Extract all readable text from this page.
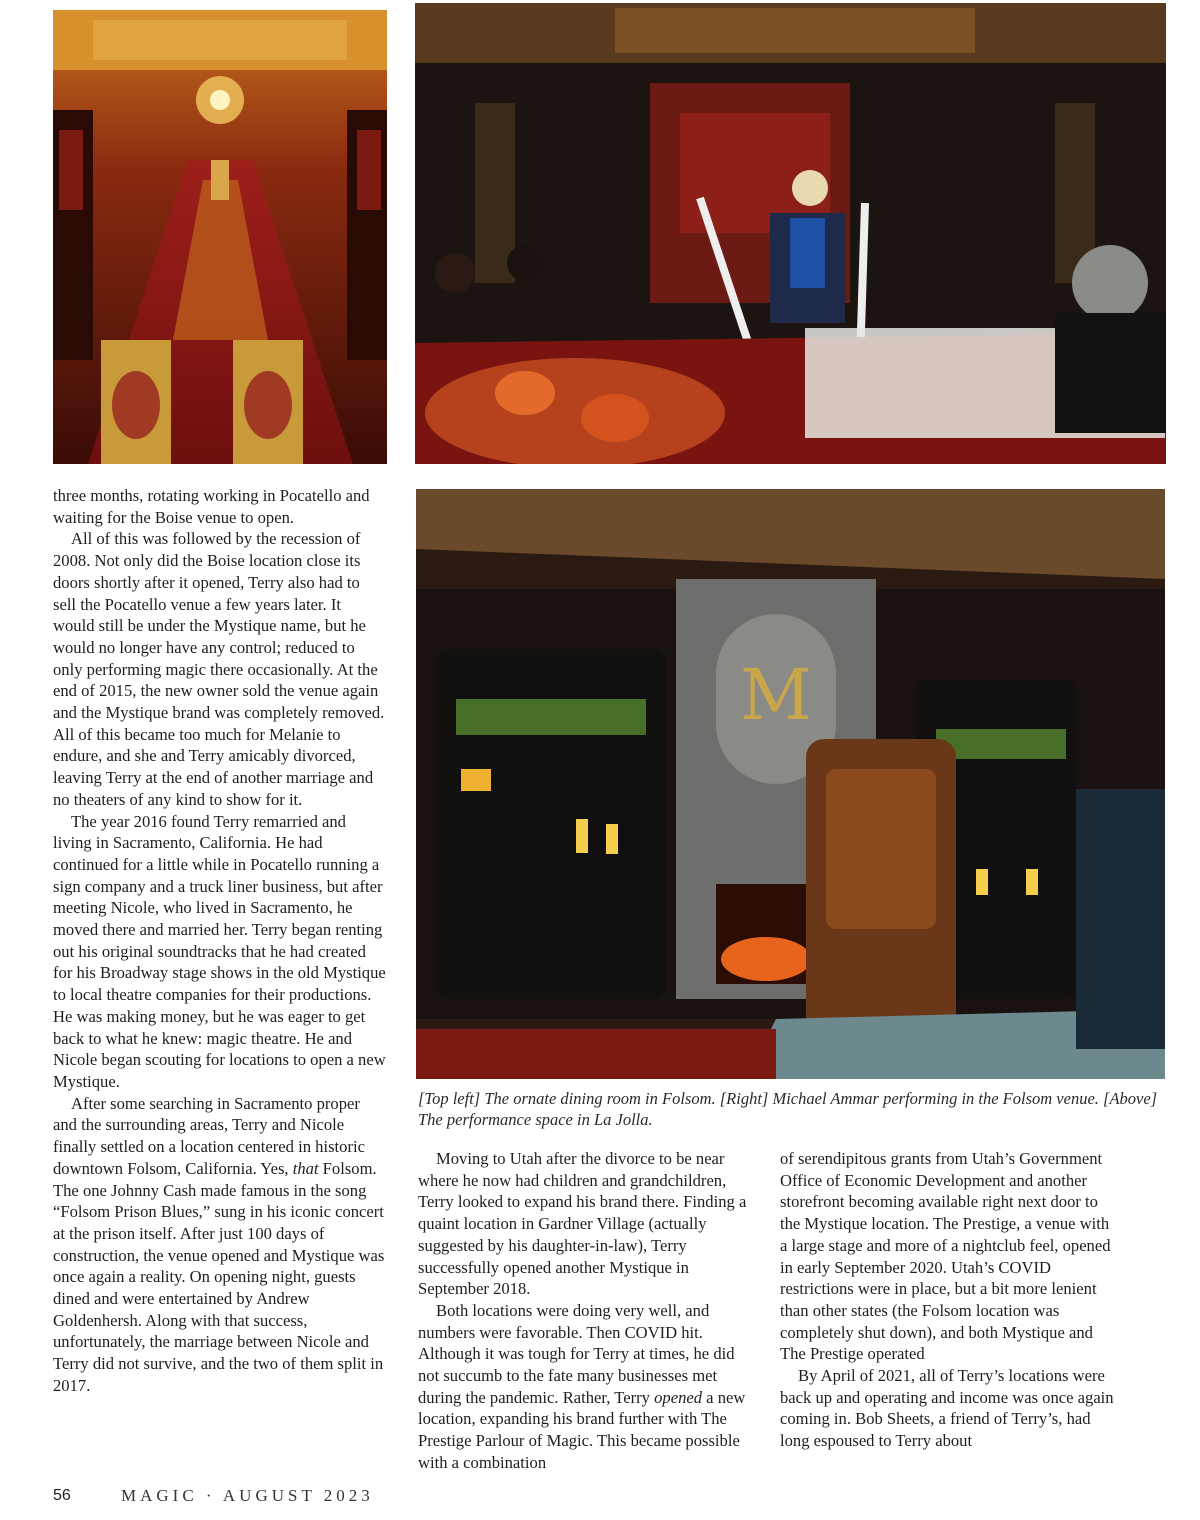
M
[Top left] The ornate dining room in Folsom. [Right] Michael Ammar performing in the Folsom venue. [Above] The performance space in La Jolla.

three months, rotating working in Pocatello and waiting for the Boise venue to open.

All of this was followed by the recession of 2008. Not only did the Boise location close its doors shortly after it opened, Terry also had to sell the Pocatello venue a few years later. It would still be under the Mystique name, but he would no longer have any control; reduced to only performing magic there occasionally. At the end of 2015, the new owner sold the venue again and the Mystique brand was completely removed. All of this became too much for Melanie to endure, and she and Terry amicably divorced, leaving Terry at the end of another marriage and no theaters of any kind to show for it.

The year 2016 found Terry remarried and living in Sacramento, California. He had continued for a little while in Pocatello running a sign company and a truck liner business, but after meeting Nicole, who lived in Sacramento, he moved there and married her. Terry began renting out his original soundtracks that he had created for his Broadway stage shows in the old Mystique to local theatre companies for their productions. He was making money, but he was eager to get back to what he knew: magic theatre. He and Nicole began scouting for locations to open a new Mystique.

After some searching in Sacramento proper and the surrounding areas, Terry and Nicole finally settled on a location centered in historic downtown Folsom, California. Yes, that Folsom. The one Johnny Cash made famous in the song “Folsom Prison Blues,” sung in his iconic concert at the prison itself. After just 100 days of construction, the venue opened and Mystique was once again a reality. On opening night, guests dined and were entertained by Andrew Goldenhersh. Along with that success, unfortunately, the marriage between Nicole and Terry did not survive, and the two of them split in 2017.

Moving to Utah after the divorce to be near where he now had children and grandchildren, Terry looked to expand his brand there. Finding a quaint location in Gardner Village (actually suggested by his daughter-in-law), Terry successfully opened another Mystique in September 2018.

Both locations were doing very well, and numbers were favorable. Then COVID hit. Although it was tough for Terry at times, he did not succumb to the fate many businesses met during the pandemic. Rather, Terry opened a new location, expanding his brand further with The Prestige Parlour of Magic. This became possible with a combination

of serendipitous grants from Utah’s Government Office of Economic Development and another storefront becoming available right next door to the Mystique location. The Prestige, a venue with a large stage and more of a nightclub feel, opened in early September 2020. Utah’s COVID restrictions were in place, but a bit more lenient than other states (the Folsom location was completely shut down), and both Mystique and The Prestige operated

By April of 2021, all of Terry’s locations were back up and operating and income was once again coming in. Bob Sheets, a friend of Terry’s, had long espoused to Terry about

56	MAGIC · AUGUST 2023
